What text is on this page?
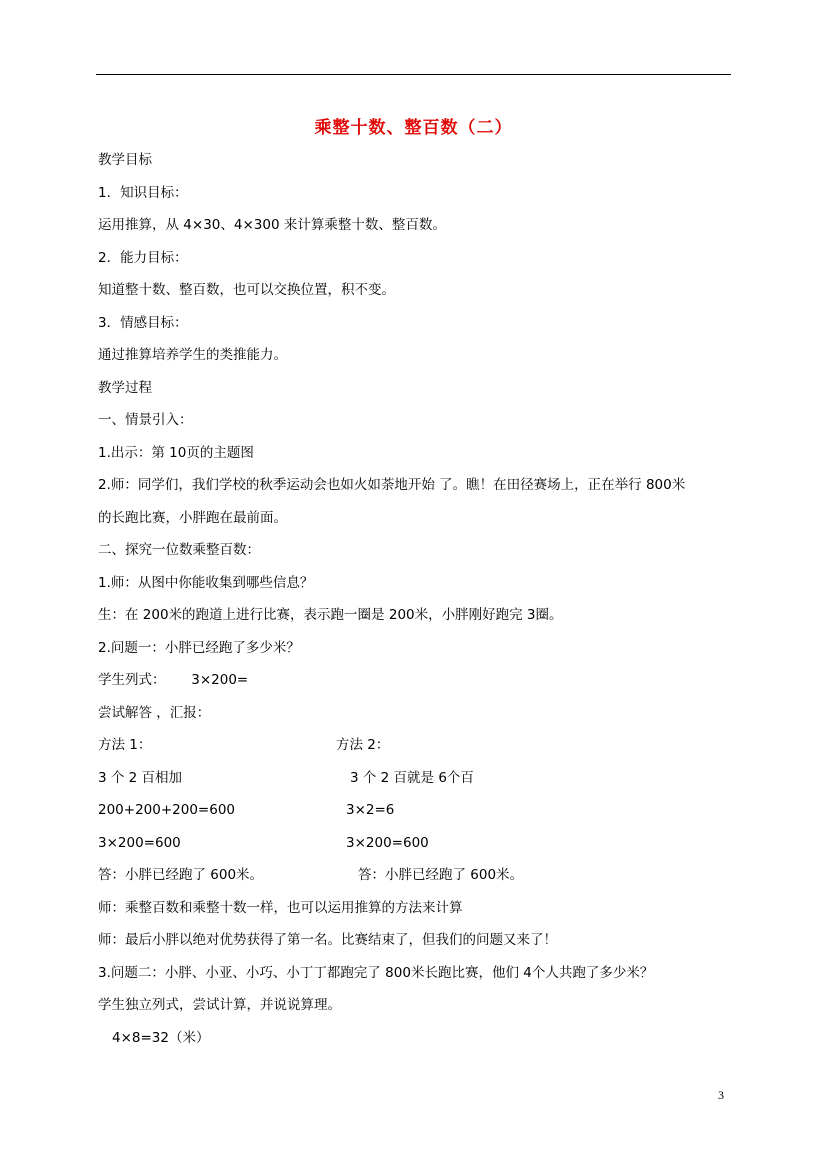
乘整十数、整百数（二）
教学目标
1．知识目标：
运用推算，从 4×30、4×300 来计算乘整十数、整百数。
2．能力目标：
知道整十数、整百数，也可以交换位置，积不变。
3．情感目标：
通过推算培养学生的类推能力。
教学过程
一、情景引入：
1.出示：第 10页的主题图
2.师：同学们，我们学校的秋季运动会也如火如荼地开始 了。瞧！在田径赛场上，正在举行 800米
的长跑比赛，小胖跑在最前面。
二、探究一位数乘整百数：
1.师：从图中你能收集到哪些信息？
生：在 200米的跑道上进行比赛，表示跑一圈是 200米，小胖刚好跑完 3圈。
2.问题一：小胖已经跑了多少米？
学生列式：      3×200=
尝试解答 ，汇报：
方法 1：	方法 2：
3 个 2 百相加	3 个 2 百就是 6个百
200+200+200=600	3×2=6
3×200=600	3×200=600
答：小胖已经跑了 600米。	答：小胖已经跑了 600米。
师：乘整百数和乘整十数一样，也可以运用推算的方法来计算
师：最后小胖以绝对优势获得了第一名。比赛结束了，但我们的问题又来了！
3.问题二：小胖、小亚、小巧、小丁丁都跑完了 800米长跑比赛，他们 4个人共跑了多少米？
学生独立列式，尝试计算，并说说算理。
4×8=32（米）
3
